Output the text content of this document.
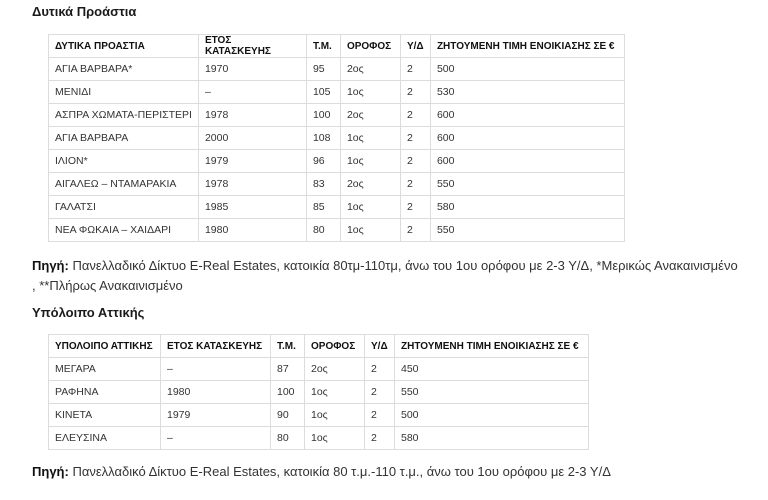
Δυτικά Προάστια
ΔΥΤΙΚΑ ΠΡΟΑΣΤΙΑ	ΕΤΟΣ ΚΑΤΑΣΚΕΥΗΣ	Τ.Μ.	ΟΡΟΦΟΣ	Υ/Δ	ΖΗΤΟΥΜΕΝΗ ΤΙΜΗ ΕΝΟΙΚΙΑΣΗΣ ΣΕ €
ΑΓΙΑ ΒΑΡΒΑΡΑ*	1970	95	2ος	2	500
ΜΕΝΙΔΙ	–	105	1ος	2	530
ΑΣΠΡΑ ΧΩΜΑΤΑ-ΠΕΡΙΣΤΕΡΙ	1978	100	2ος	2	600
ΑΓΙΑ ΒΑΡΒΑΡΑ	2000	108	1ος	2	600
ΙΛΙΟΝ*	1979	96	1ος	2	600
ΑΙΓΑΛΕΩ – ΝΤΑΜΑΡΑΚΙΑ	1978	83	2ος	2	550
ΓΑΛΑΤΣΙ	1985	85	1ος	2	580
ΝΕΑ ΦΩΚΑΙΑ – ΧΑΙΔΑΡΙ	1980	80	1ος	2	550
Πηγή: Πανελλαδικό Δίκτυο E-Real Estates, κατοικία 80τμ-110τμ, άνω του 1ου ορόφου με 2-3 Υ/Δ, *Μερικώς Ανακαινισμένο
, **Πλήρως Ανακαινισμένο
Υπόλοιπο Αττικής
ΥΠΟΛΟΙΠΟ ΑΤΤΙΚΗΣ	ΕΤΟΣ ΚΑΤΑΣΚΕΥΗΣ	Τ.Μ.	ΟΡΟΦΟΣ	Υ/Δ	ΖΗΤΟΥΜΕΝΗ ΤΙΜΗ ΕΝΟΙΚΙΑΣΗΣ ΣΕ €
ΜΕΓΑΡΑ	–	87	2ος	2	450
ΡΑΦΗΝΑ	1980	100	1ος	2	550
ΚΙΝΕΤΑ	1979	90	1ος	2	500
ΕΛΕΥΣΙΝΑ	–	80	1ος	2	580
Πηγή: Πανελλαδικό Δίκτυο E-Real Estates, κατοικία 80 τ.μ.-110 τ.μ., άνω του 1ου ορόφου με 2-3 Υ/Δ
